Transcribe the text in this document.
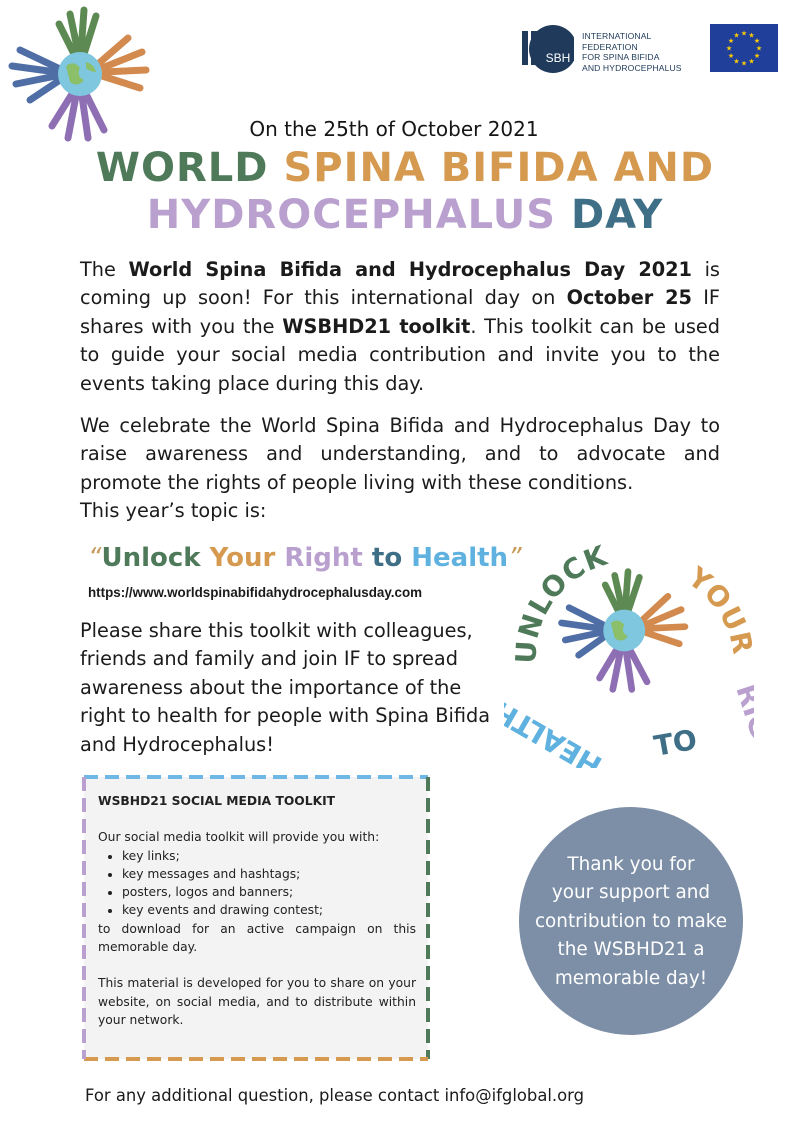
SBH
INTERNATIONAL FEDERATION
FOR SPINA BIFIDA
AND HYDROCEPHALUS
★
★
★
★
★
★
★
★
★ ★ ★
★
On the 25th of October 2021
WORLD SPINA BIFIDA AND
HYDROCEPHALUS DAY
The World Spina Bifida and Hydrocephalus Day 2021 is coming up soon! For this international day on October 25 IF shares with you the WSBHD21 toolkit. This toolkit can be used to guide your social media contribution and invite you to the events taking place during this day.
We celebrate the World Spina Bifida and Hydrocephalus Day to raise awareness and understanding, and to advocate and promote the rights of people living with these conditions.
This year’s topic is:
“Unlock Your Right to Health”
https://www.worldspinabifidahydrocephalusday.com
Please share this toolkit with colleagues, friends and family and join IF to spread awareness about the importance of the right to health for people with Spina Bifida and Hydrocephalus!
UNLOCK
YOU
RIGHT
TO
HEALTH
WSBHD21 SOCIAL MEDIA TOOLKIT
Our social media toolkit will provide you with:
• key links;
• key messages and hashtags;
• posters, logos and banners;
• key events and drawing contest;
to download for an active campaign on this memorable day.
This material is developed for you to share on your website, on social media, and to distribute within your network.
Thank you for
your support and
contribution to make
the WSBHD21 a
memorable day!
For any additional question, please contact info@ifglobal.org
